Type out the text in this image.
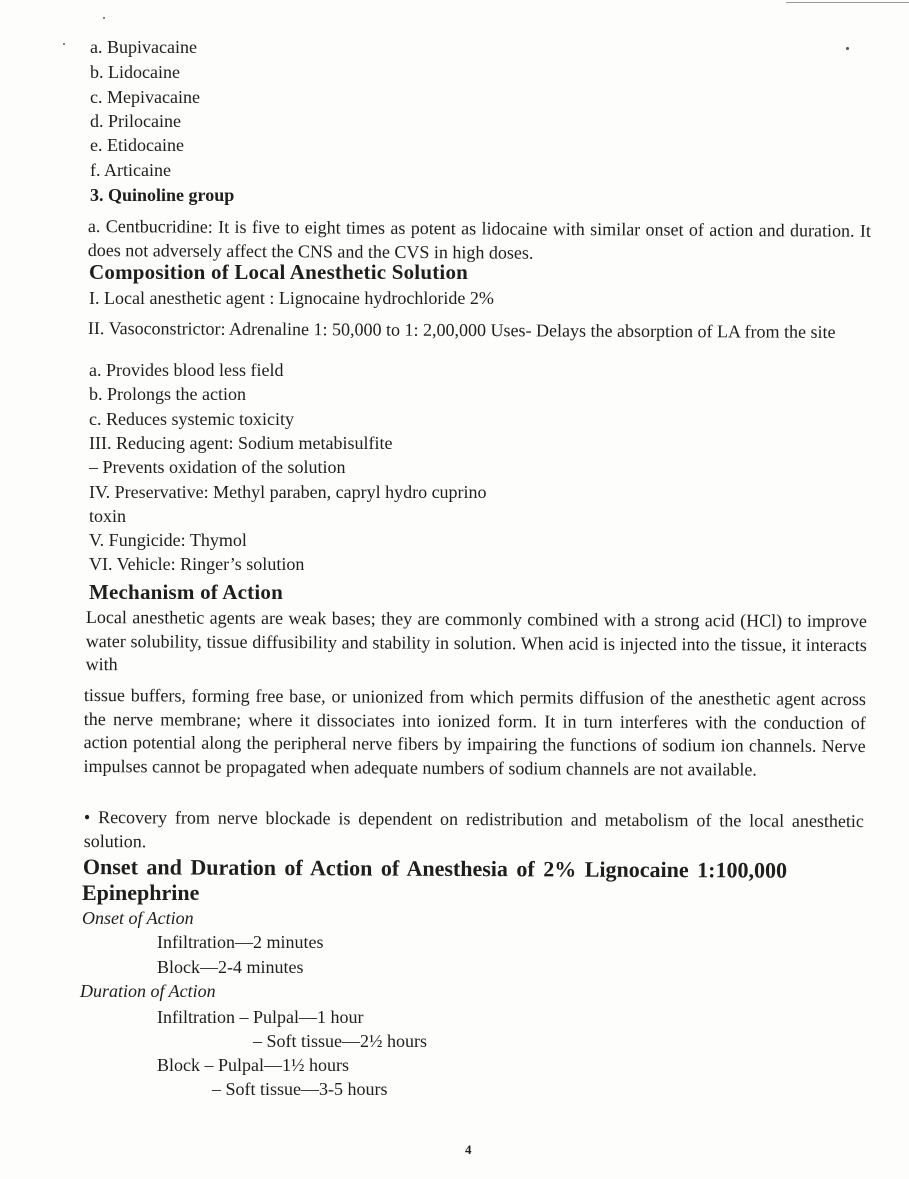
a. Bupivacaine
b. Lidocaine
c. Mepivacaine
d. Prilocaine
e. Etidocaine
f. Articaine
3. Quinoline group
a. Centbucridine: It is five to eight times as potent as lidocaine with similar onset of action and duration. It does not adversely affect the CNS and the CVS in high doses.
Composition of Local Anesthetic Solution
I. Local anesthetic agent : Lignocaine hydrochloride 2%
II. Vasoconstrictor: Adrenaline 1: 50,000 to 1: 2,00,000 Uses- Delays the absorption of LA from the site
a. Provides blood less field
b. Prolongs the action
c. Reduces systemic toxicity
III. Reducing agent: Sodium metabisulfite
– Prevents oxidation of the solution
IV. Preservative: Methyl paraben, capryl hydro cuprino
toxin
V. Fungicide: Thymol
VI. Vehicle: Ringer’s solution
Mechanism of Action
Local anesthetic agents are weak bases; they are commonly combined with a strong acid (HCl) to improve water solubility, tissue diffusibility and stability in solution. When acid is injected into the tissue, it interacts with
tissue buffers, forming free base, or unionized from which permits diffusion of the anesthetic agent across the nerve membrane; where it dissociates into ionized form. It in turn interferes with the conduction of action potential along the peripheral nerve fibers by impairing the functions of sodium ion channels. Nerve impulses cannot be propagated when adequate numbers of sodium channels are not available.
• Recovery from nerve blockade is dependent on redistribution and metabolism of the local anesthetic solution.
Onset and Duration of Action of Anesthesia of 2% Lignocaine 1:100,000
Epinephrine
Onset of Action
Infiltration—2 minutes
Block—2-4 minutes
Duration of Action
Infiltration – Pulpal—1 hour
– Soft tissue—2½ hours
Block – Pulpal—1½ hours
– Soft tissue—3-5 hours
4
